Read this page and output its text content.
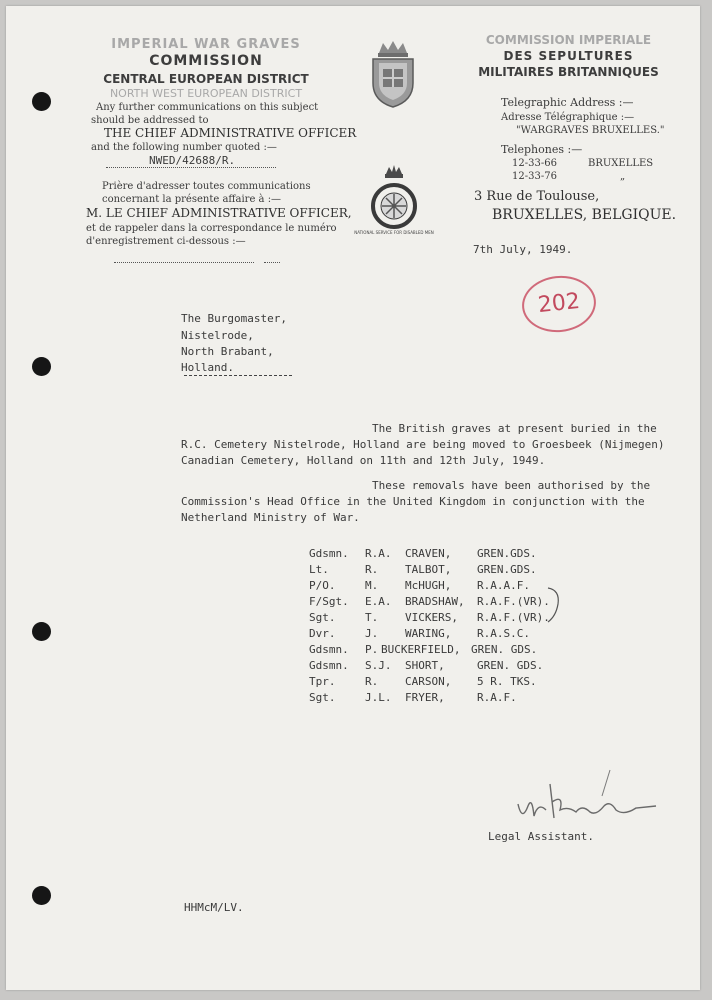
IMPERIAL WAR GRAVES
COMMISSION
CENTRAL EUROPEAN DISTRICT
NORTH WEST EUROPEAN DISTRICT
COMMISSION IMPERIALE
DES SEPULTURES
MILITAIRES BRITANNIQUES
Any further communications on this subject
should be addressed to
THE CHIEF ADMINISTRATIVE OFFICER
and the following number quoted :—
NWED/42688/R.
Prière d'adresser toutes communications
concernant la présente affaire à :—
M. LE CHIEF ADMINISTRATIVE OFFICER,
et de rappeler dans la correspondance le numéro
d'enregistrement ci-dessous :—
NATIONAL SERVICE FOR DISABLED MEN
Telegraphic Address :—
Adresse Télégraphique :—
"WARGRAVES BRUXELLES."
Telephones :—
12-33-66	BRUXELLES
12-33-76	„
3 Rue de Toulouse,
BRUXELLES, BELGIQUE.
7th July, 1949.
202
The Burgomaster,
Nistelrode,
North Brabant,
Holland.
The British graves at present buried in the
R.C. Cemetery Nistelrode, Holland are being moved to Groesbeek (Nijmegen)
Canadian Cemetery, Holland on 11th and 12th July, 1949.
These removals have been authorised by the
Commission's Head Office in the United Kingdom in conjunction with the
Netherland Ministry of War.
Gdsmn. R.A. CRAVEN, GREN.GDS.
Lt.	R. TALBOT, GREN.GDS.
P/O.	M. McHUGH, R.A.A.F.
F/Sgt. E.A. BRADSHAW, R.A.F.(VR).
Sgt.	T. VICKERS, R.A.F.(VR).
Dvr.	J. WARING, R.A.S.C.
Gdsmn. P. BUCKERFIELD, GREN. GDS.
Gdsmn. S.J. SHORT,	GREN. GDS.
Tpr.	R. CARSON, 5 R. TKS.
Sgt.	J.L. FRYER,	R.A.F.
Legal Assistant.
HHMcM/LV.
